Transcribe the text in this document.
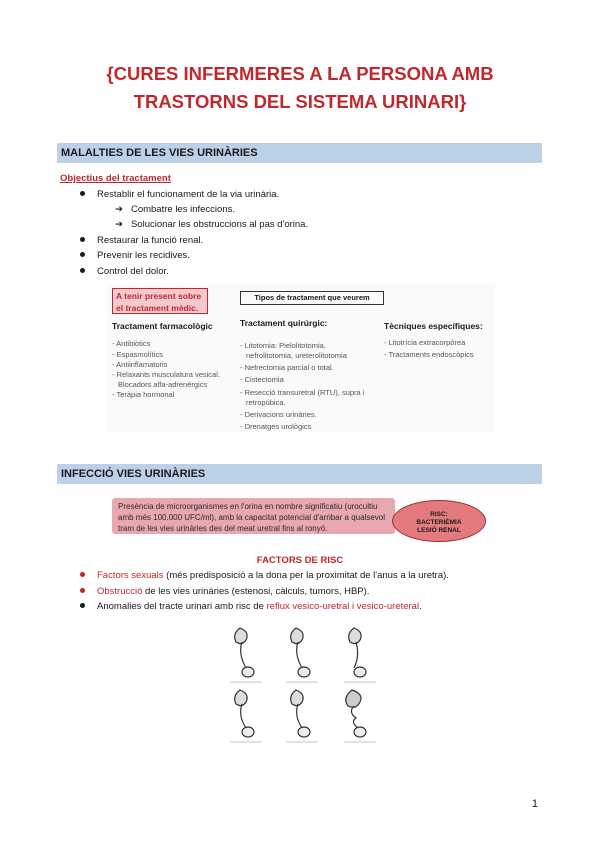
{CURES INFERMERES A LA PERSONA AMB
TRASTORNS DEL SISTEMA URINARI}
MALALTIES DE LES VIES URINÀRIES
Objectius del tractament
Restablir el funcionament de la via urinària.
➔ Combatre les infeccions.
➔ Solucionar les obstruccions al pas d'orina.
Restaurar la funció renal.
Prevenir les recidives.
Control del dolor.
A tenir present sobre el tractament mèdic.
Tipos de tractament que veurem
Tractament farmacològic	Tractament quirúrgic:	Tècniques específiques:
- Antibiòtics
- Espasmolítics
- Antiinflamatoris
- Relaxants musculatura vesical.
Blocadors alfa-adrenèrgics
- Teràpia hormonal
- Litotomia: Pielolitotomia,
nefrolitotomia, ureterolitotomia
- Nefrectomia parcial o total.
- Cistectomia
- Resecció transuretral (RTU), supra i
retropúbica.
- Derivacions urinàries.
- Drenatges urològics
- Litotrícia extracorpòrea
- Tractaments endoscòpics
INFECCIÓ VIES URINÀRIES
Presència de microorganismes en l'orina en nombre significatiu (urocultiu amb més 100.000 UFC/ml), amb la capacitat potencial d'arribar a qualsevol tram de les vies urinàries des del meat uretral fins al ronyó.
RISC:
BACTERIÈMIA
LESIÓ RENAL
FACTORS DE RISC
Factors sexuals (més predisposició a la dona per la proximitat de l'anus a la uretra).
Obstrucció de les vies urinàries (estenosi, càlculs, tumors, HBP).
Anomalies del tracte urinari amb risc de reflux vesico-uretral i vesico-ureteral.
1
